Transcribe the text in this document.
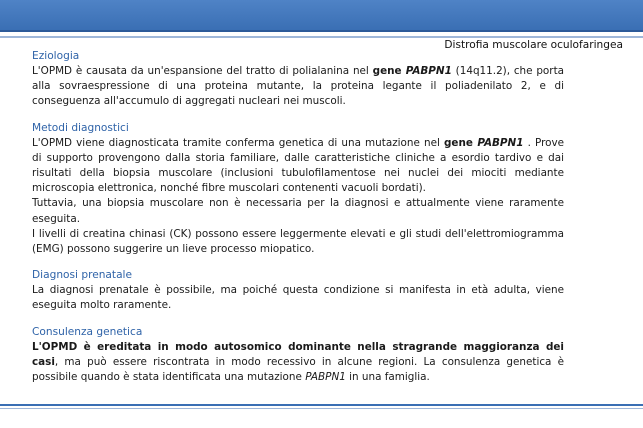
Distrofia muscolare oculofaringea
Eziologia

L'OPMD è causata da un'espansione del tratto di polialanina nel gene PABPN1 (14q11.2), che porta alla sovraespressione di una proteina mutante, la proteina legante il poliadenilato 2, e di conseguenza all'accumulo di aggregati nucleari nei muscoli.

Metodi diagnostici

L'OPMD viene diagnosticata tramite conferma genetica di una mutazione nel gene PABPN1 . Prove di supporto provengono dalla storia familiare, dalle caratteristiche cliniche a esordio tardivo e dai risultati della biopsia muscolare (inclusioni tubulofilamentose nei nuclei dei miociti mediante microscopia elettronica, nonché fibre muscolari contenenti vacuoli bordati).

Tuttavia, una biopsia muscolare non è necessaria per la diagnosi e attualmente viene raramente eseguita.

I livelli di creatina chinasi (CK) possono essere leggermente elevati e gli studi dell'elettromiogramma (EMG) possono suggerire un lieve processo miopatico.

Diagnosi prenatale

La diagnosi prenatale è possibile, ma poiché questa condizione si manifesta in età adulta, viene eseguita molto raramente.

Consulenza genetica

L'OPMD è ereditata in modo autosomico dominante nella stragrande maggioranza dei casi, ma può essere riscontrata in modo recessivo in alcune regioni. La consulenza genetica è possibile quando è stata identificata una mutazione PABPN1 in una famiglia.
